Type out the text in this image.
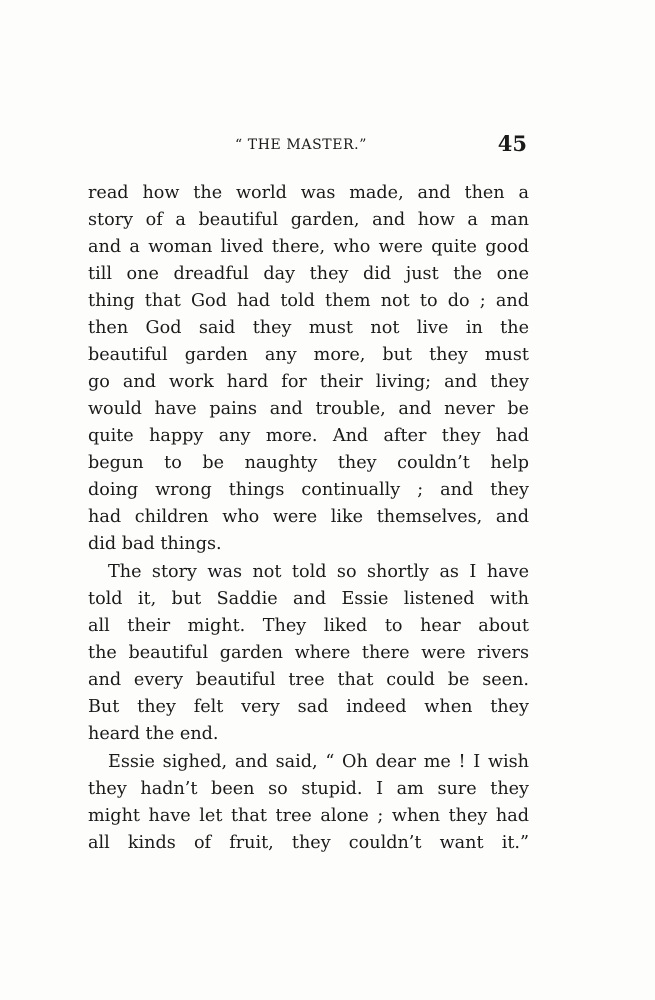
“ THE MASTER.”	45

read how the world was made, and then a
story of a beautiful garden, and how a man
and a woman lived there, who were quite good
till one dreadful day they did just the one
thing that God had told them not to do ; and
then God said they must not live in the
beautiful garden any more, but they must
go and work hard for their living; and they
would have pains and trouble, and never be
quite happy any more. And after they had
begun to be naughty they couldn’t help
doing wrong things continually ; and they
had children who were like themselves, and
did bad things.

The story was not told so shortly as I have
told it, but Saddie and Essie listened with
all their might. They liked to hear about
the beautiful garden where there were rivers
and every beautiful tree that could be seen.
But they felt very sad indeed when they
heard the end.

Essie sighed, and said, “ Oh dear me ! I wish
they hadn’t been so stupid. I am sure they
might have let that tree alone ; when they had
all kinds of fruit, they couldn’t want it.”
